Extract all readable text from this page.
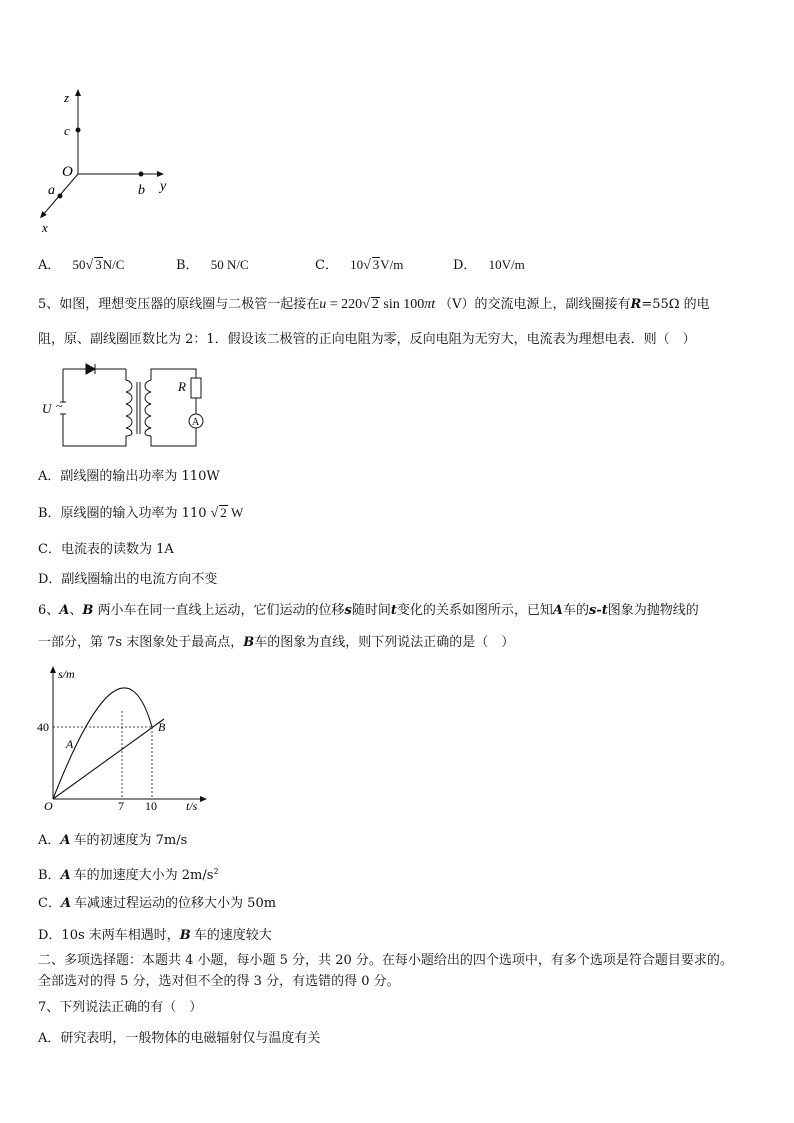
z
c
O
a	b y
x
A． 50√ 3N/C	B． 50 N/C	C． 10√ 3V/m	D． 10V/m
5、如图，理想变压器的原线圈与二极管一起接在u = 220√ 2 sin 100πt （V）的交流电源上，副线圈接有R=55Ω 的电
阻，原、副线圈匝数比为 2：1．假设该二极管的正向电阻为零，反向电阻为无穷大，电流表为理想电表．则（　）
U ~
R
A
A．副线圈的输出功率为 110W
B．原线圈的输入功率为 110 √ 2 W
C．电流表的读数为 1A
D．副线圈输出的电流方向不变
6、A、B 两小车在同一直线上运动，它们运动的位移s随时间t变化的关系如图所示，已知A车的s-t图象为抛物线的
一部分，第 7s 末图象处于最高点，B车的图象为直线，则下列说法正确的是（　）
s/m
t/s
O
40
7 10
A
B
A．A 车的初速度为 7m/s
B．A 车的加速度大小为 $2m/s^2$
C．A 车减速过程运动的位移大小为 50m
D．10s 末两车相遇时，B 车的速度较大
二、多项选择题：本题共 4 小题，每小题 5 分，共 20 分。在每小题给出的四个选项中，有多个选项是符合题目要求的。
全部选对的得 5 分，选对但不全的得 3 分，有选错的得 0 分。
7、下列说法正确的有（　）
A．研究表明，一般物体的电磁辐射仅与温度有关
